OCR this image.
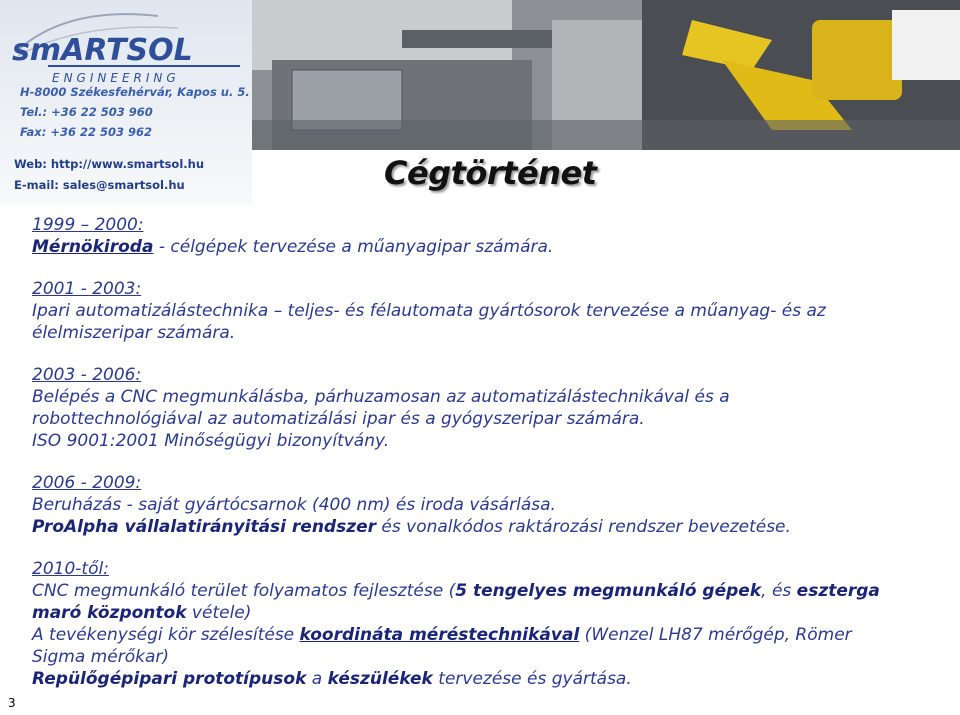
smARTSOL
ENGINEERING
H-8000 Székesfehérvár, Kapos u. 5.
Tel.: +36 22 503 960
Fax: +36 22 503 962
Web: http://www.smartsol.hu
E-mail: sales@smartsol.hu	Cégtörténet
1999 – 2000:
Mérnökiroda - célgépek tervezése a műanyagipar számára.
2001 - 2003:
Ipari automatizálástechnika – teljes- és félautomata gyártósorok tervezése a műanyag- és az
élelmiszeripar számára.
2003 - 2006:
Belépés a CNC megmunkálásba, párhuzamosan az automatizálástechnikával és a
robottechnológiával az automatizálási ipar és a gyógyszeripar számára.
ISO 9001:2001 Minőségügyi bizonyítvány.
2006 - 2009:
Beruházás - saját gyártócsarnok (400 nm) és iroda vásárlása.
ProAlpha vállalatirányitási rendszer és vonalkódos raktározási rendszer bevezetése.
2010-től:
CNC megmunkáló terület folyamatos fejlesztése (5 tengelyes megmunkáló gépek, és eszterga
maró központok vétele)
A tevékenységi kör szélesítése koordináta méréstechnikával (Wenzel LH87 mérőgép, Römer
Sigma mérőkar)
Repülőgépipari prototípusok a készülékek tervezése és gyártása.
3
